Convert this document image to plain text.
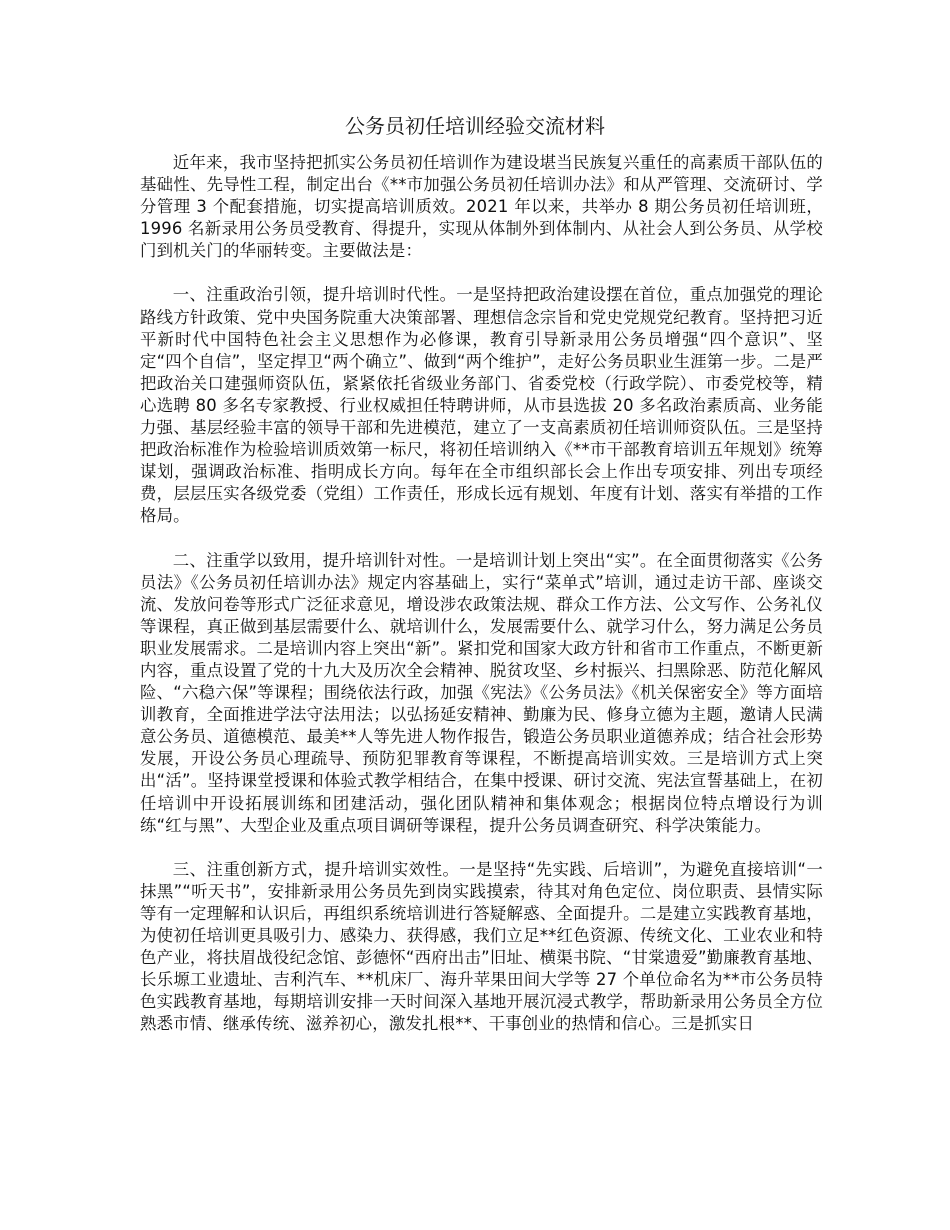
公务员初任培训经验交流材料

近年来，我市坚持把抓实公务员初任培训作为建设堪当民族复兴重任的高素质干部队伍的基础性、先导性工程，制定出台《**市加强公务员初任培训办法》和从严管理、交流研讨、学分管理 3 个配套措施，切实提高培训质效。2021 年以来，共举办 8 期公务员初任培训班，1996 名新录用公务员受教育、得提升，实现从体制外到体制内、从社会人到公务员、从学校门到机关门的华丽转变。主要做法是：

一、注重政治引领，提升培训时代性。一是坚持把政治建设摆在首位，重点加强党的理论路线方针政策、党中央国务院重大决策部署、理想信念宗旨和党史党规党纪教育。坚持把习近平新时代中国特色社会主义思想作为必修课，教育引导新录用公务员增强“四个意识”、坚定“四个自信”，坚定捍卫“两个确立”、做到“两个维护”，走好公务员职业生涯第一步。二是严把政治关口建强师资队伍，紧紧依托省级业务部门、省委党校（行政学院）、市委党校等，精心选聘 80 多名专家教授、行业权威担任特聘讲师，从市县选拔 20 多名政治素质高、业务能力强、基层经验丰富的领导干部和先进模范，建立了一支高素质初任培训师资队伍。三是坚持把政治标准作为检验培训质效第一标尺，将初任培训纳入《**市干部教育培训五年规划》统筹谋划，强调政治标准、指明成长方向。每年在全市组织部长会上作出专项安排、列出专项经费，层层压实各级党委（党组）工作责任，形成长远有规划、年度有计划、落实有举措的工作格局。

二、注重学以致用，提升培训针对性。一是培训计划上突出“实”。在全面贯彻落实《公务员法》《公务员初任培训办法》规定内容基础上，实行“菜单式”培训，通过走访干部、座谈交流、发放问卷等形式广泛征求意见，增设涉农政策法规、群众工作方法、公文写作、公务礼仪等课程，真正做到基层需要什么、就培训什么，发展需要什么、就学习什么，努力满足公务员职业发展需求。二是培训内容上突出“新”。紧扣党和国家大政方针和省市工作重点，不断更新内容，重点设置了党的十九大及历次全会精神、脱贫攻坚、乡村振兴、扫黑除恶、防范化解风险、“六稳六保”等课程；围绕依法行政，加强《宪法》《公务员法》《机关保密安全》等方面培训教育，全面推进学法守法用法；以弘扬延安精神、勤廉为民、修身立德为主题，邀请人民满意公务员、道德模范、最美**人等先进人物作报告，锻造公务员职业道德养成；结合社会形势发展，开设公务员心理疏导、预防犯罪教育等课程，不断提高培训实效。三是培训方式上突出“活”。坚持课堂授课和体验式教学相结合，在集中授课、研讨交流、宪法宣誓基础上，在初任培训中开设拓展训练和团建活动，强化团队精神和集体观念；根据岗位特点增设行为训练“红与黑”、大型企业及重点项目调研等课程，提升公务员调查研究、科学决策能力。

三、注重创新方式，提升培训实效性。一是坚持“先实践、后培训”，为避免直接培训“一抹黑”“听天书”，安排新录用公务员先到岗实践摸索，待其对角色定位、岗位职责、县情实际等有一定理解和认识后，再组织系统培训进行答疑解惑、全面提升。二是建立实践教育基地，为使初任培训更具吸引力、感染力、获得感，我们立足**红色资源、传统文化、工业农业和特色产业，将扶眉战役纪念馆、彭德怀“西府出击”旧址、横渠书院、“甘棠遗爱”勤廉教育基地、长乐塬工业遗址、吉利汽车、**机床厂、海升苹果田间大学等 27 个单位命名为**市公务员特色实践教育基地，每期培训安排一天时间深入基地开展沉浸式教学，帮助新录用公务员全方位熟悉市情、继承传统、滋养初心，激发扎根**、干事创业的热情和信心。三是抓实日
